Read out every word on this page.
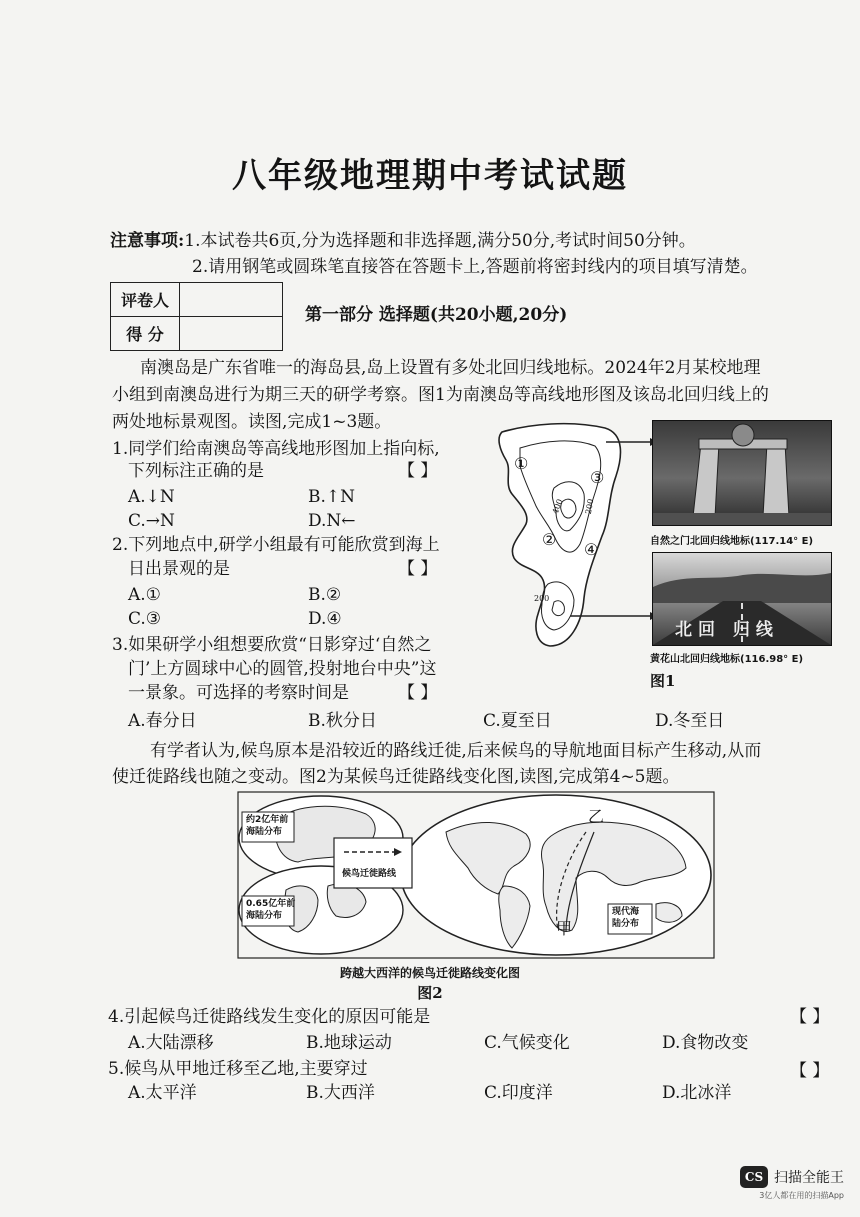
八年级地理期中考试试题
注意事项:1.本试卷共6页,分为选择题和非选择题,满分50分,考试时间50分钟。
2.请用钢笔或圆珠笔直接答在答题卡上,答题前将密封线内的项目填写清楚。
评卷人	
得 分	
第一部分 选择题(共20小题,20分)
南澳岛是广东省唯一的海岛县,岛上设置有多处北回归线地标。2024年2月某校地理
小组到南澳岛进行为期三天的研学考察。图1为南澳岛等高线地形图及该岛北回归线上的
两处地标景观图。读图,完成1~3题。
1.同学们给南澳岛等高线地形图加上指向标,
下列标注正确的是	【 】
A.↓N	B.↑N
C.→N	D.N←
2.下列地点中,研学小组最有可能欣赏到海上
日出景观的是	【 】
A.①	B.②
C.③	D.④
3.如果研学小组想要欣赏“日影穿过‘自然之
门’上方圆球中心的圆管,投射地台中央”这
一景象。可选择的考察时间是	【 】
A.春分日	B.秋分日	C.夏至日	D.冬至日
①
②
③
④
400 200
200
自然之门北回归线地标(117.14° E)
北回 归线
黄花山北回归线地标(116.98° E)
图1
有学者认为,候鸟原本是沿较近的路线迁徙,后来候鸟的导航地面目标产生移动,从而
使迁徙路线也随之变动。图2为某候鸟迁徙路线变化图,读图,完成第4~5题。
约2亿年前
海陆分布
0.65亿年前
海陆分布
候鸟迁徙路线
现代海
陆分布
乙
甲
跨越大西洋的候鸟迁徙路线变化图
图2
4.引起候鸟迁徙路线发生变化的原因可能是	【 】
A.大陆漂移	B.地球运动	C.气候变化	D.食物改变
5.候鸟从甲地迁移至乙地,主要穿过	【 】
A.太平洋	B.大西洋	C.印度洋	D.北冰洋
CS 扫描全能王
3亿人都在用的扫描App
